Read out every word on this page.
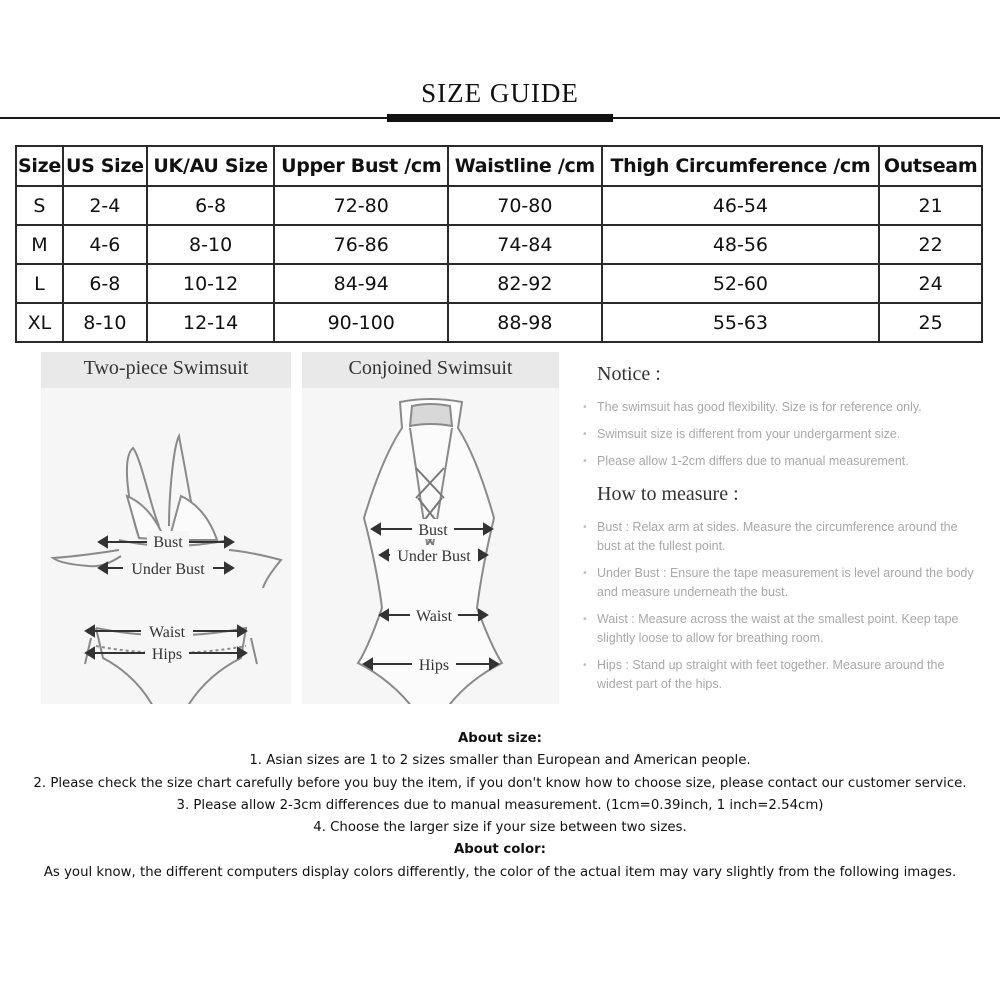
SIZE GUIDE
Size	US Size	UK/AU Size	Upper Bust /cm	Waistline /cm	Thigh Circumference /cm	Outseam
S	2-4	6-8	72-80	70-80	46-54	21
M	4-6	8-10	76-86	74-84	48-56	22
L	6-8	10-12	84-94	82-92	52-60	24
XL	8-10	12-14	90-100	88-98	55-63	25
Two-piece Swimsuit
Bust
Under Bust
Waist
Hips
Conjoined Swimsuit
Bust
Under Bust
Waist
Hips
Notice :
• The swimsuit has good flexibility. Size is for reference only.
• Swimsuit size is different from your undergarment size.
• Please allow 1-2cm differs due to manual measurement.
How to measure :
• Bust : Relax arm at sides. Measure the circumference around the bust at the fullest point.
• Under Bust : Ensure the tape measurement is level around the body and measure underneath the bust.
• Waist : Measure across the waist at the smallest point. Keep tape slightly loose to allow for breathing room.
• Hips : Stand up straight with feet together. Measure around the widest part of the hips.

About size:

1. Asian sizes are 1 to 2 sizes smaller than European and American people.

2. Please check the size chart carefully before you buy the item, if you don't know how to choose size, please contact our customer service.

3. Please allow 2-3cm differences due to manual measurement. (1cm=0.39inch, 1 inch=2.54cm)

4. Choose the larger size if your size between two sizes.

About color:

As youl know, the different computers display colors differently, the color of the actual item may vary slightly from the following images.
